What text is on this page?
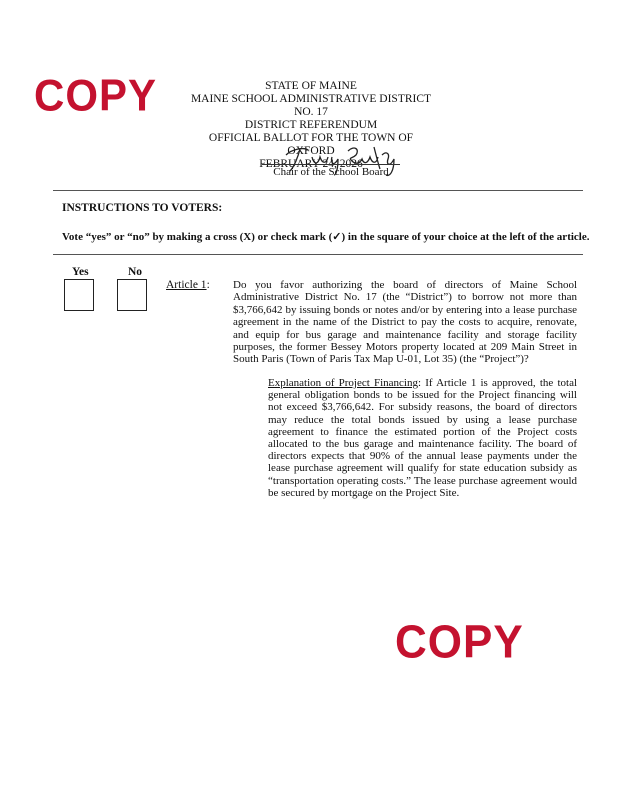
COPY	STATE OF MAINE
MAINE SCHOOL ADMINISTRATIVE DISTRICT NO. 17
DISTRICT REFERENDUM
OFFICIAL BALLOT FOR THE TOWN OF OXFORD
FEBRUARY 24, 2026
Chair of the School Board
INSTRUCTIONS TO VOTERS:
Vote “yes” or “no” by making a cross (X) or check mark (✓) in the square of your choice at the left of the article.
Yes	No
Article 1: Do you favor authorizing the board of directors of Maine School Administrative District No. 17 (the “District”) to borrow not more than $3,766,642 by issuing bonds or notes and/or by entering into a lease purchase agreement in the name of the District to pay the costs to acquire, renovate, and equip for bus garage and maintenance facility and storage facility purposes, the former Bessey Motors property located at 209 Main Street in South Paris (Town of Paris Tax Map U-01, Lot 35) (the “Project”)?
Explanation of Project Financing: If Article 1 is approved, the total general obligation bonds to be issued for the Project financing will not exceed $3,766,642. For subsidy reasons, the board of directors may reduce the total bonds issued by using a lease purchase agreement to finance the estimated portion of the Project costs allocated to the bus garage and maintenance facility. The board of directors expects that 90% of the annual lease payments under the lease purchase agreement will qualify for state education subsidy as “transportation operating costs.” The lease purchase agreement would be secured by mortgage on the Project Site.
COPY
